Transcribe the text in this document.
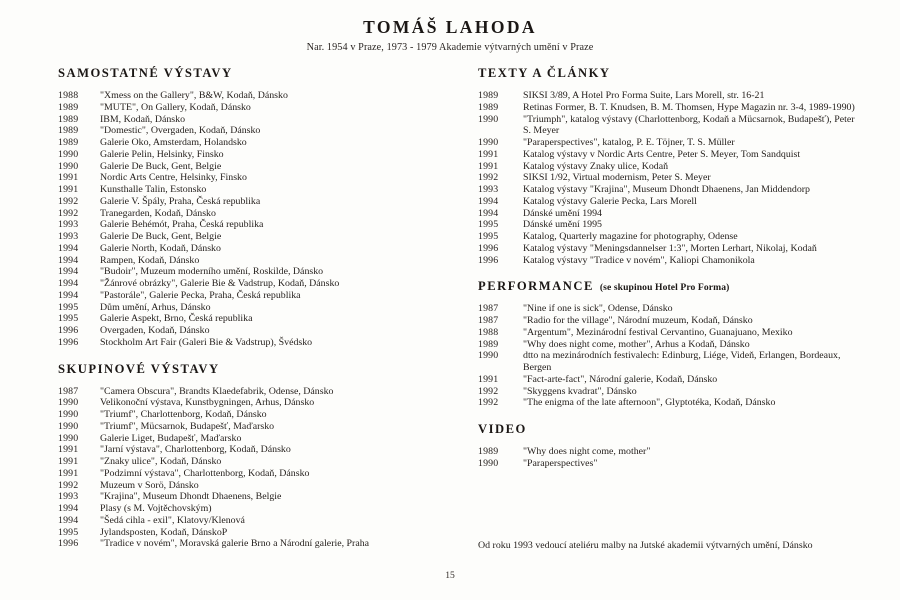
TOMÁŠ LAHODA
Nar. 1954 v Praze, 1973 - 1979 Akademie výtvarných umění v Praze
SAMOSTATNÉ VÝSTAVY
1988	"Xmess on the Gallery", B&W, Kodaň, Dánsko
1989	"MUTE", On Gallery, Kodaň, Dánsko
1989	IBM, Kodaň, Dánsko
1989	"Domestic", Overgaden, Kodaň, Dánsko
1989	Galerie Oko, Amsterdam, Holandsko
1990	Galerie Pelin, Helsinky, Finsko
1990	Galerie De Buck, Gent, Belgie
1991	Nordic Arts Centre, Helsinky, Finsko
1991	Kunsthalle Talin, Estonsko
1992	Galerie V. Špály, Praha, Česká republika
1992	Tranegarden, Kodaň, Dánsko
1993	Galerie Behémót, Praha, Česká republika
1993	Galerie De Buck, Gent, Belgie
1994	Galerie North, Kodaň, Dánsko
1994	Rampen, Kodaň, Dánsko
1994	"Budoir", Muzeum moderního umění, Roskilde, Dánsko
1994	"Žánrové obrázky", Galerie Bie & Vadstrup, Kodaň, Dánsko
1994	"Pastorále", Galerie Pecka, Praha, Česká republika
1995	Dům umění, Arhus, Dánsko
1995	Galerie Aspekt, Brno, Česká republika
1996	Overgaden, Kodaň, Dánsko
1996	Stockholm Art Fair (Galeri Bie & Vadstrup), Švédsko
SKUPINOVÉ VÝSTAVY
1987	"Camera Obscura", Brandts Klaedefabrik, Odense, Dánsko
1990	Velikonoční výstava, Kunstbygningen, Arhus, Dánsko
1990	"Triumf", Charlottenborg, Kodaň, Dánsko
1990	"Triumf", Mücsarnok, Budapešť, Maďarsko
1990	Galerie Liget, Budapešť, Maďarsko
1991	"Jarní výstava", Charlottenborg, Kodaň, Dánsko
1991	"Znaky ulice", Kodaň, Dánsko
1991	"Podzimní výstava", Charlottenborg, Kodaň, Dánsko
1992	Muzeum v Sorö, Dánsko
1993	"Krajina", Museum Dhondt Dhaenens, Belgie
1994	Plasy (s M. Vojtěchovským)
1994	"Šedá cihla - exil", Klatovy/Klenová
1995	Jylandsposten, Kodaň, DánskoP
1996	"Tradice v novém", Moravská galerie Brno a Národní galerie, Praha
TEXTY A ČLÁNKY
1989	SIKSI 3/89, A Hotel Pro Forma Suite, Lars Morell, str. 16-21
1989	Retinas Former, B. T. Knudsen, B. M. Thomsen, Hype Magazin nr. 3-4, 1989-1990)
1990	"Triumph", katalog výstavy (Charlottenborg, Kodaň a Mücsarnok, Budapešť), Peter S. Meyer
1990	"Paraperspectives", katalog, P. E. Töjner, T. S. Müller
1991	Katalog výstavy v Nordic Arts Centre, Peter S. Meyer, Tom Sandquist
1991	Katalog výstavy Znaky ulice, Kodaň
1992	SIKSI 1/92, Virtual modernism, Peter S. Meyer
1993	Katalog výstavy "Krajina", Museum Dhondt Dhaenens, Jan Middendorp
1994	Katalog výstavy Galerie Pecka, Lars Morell
1994	Dánské umění 1994
1995	Dánské umění 1995
1995	Katalog, Quarterly magazine for photography, Odense
1996	Katalog výstavy "Meningsdannelser 1:3", Morten Lerhart, Nikolaj, Kodaň
1996	Katalog výstavy "Tradice v novém", Kaliopi Chamonikola
PERFORMANCE (se skupinou Hotel Pro Forma)
1987	"Nine if one is sick", Odense, Dánsko
1987	"Radio for the village", Národní muzeum, Kodaň, Dánsko
1988	"Argentum", Mezinárodní festival Cervantino, Guanajuano, Mexiko
1989	"Why does night come, mother", Arhus a Kodaň, Dánsko
1990	dtto na mezinárodních festivalech: Edinburg, Liége, Videň, Erlangen, Bordeaux, Bergen
1991	"Fact-arte-fact", Národní galerie, Kodaň, Dánsko
1992	"Skyggens kvadrat", Dánsko
1992	"The enigma of the late afternoon", Glyptotéka, Kodaň, Dánsko
VIDEO
1989	"Why does night come, mother"
1990	"Paraperspectives"
Od roku 1993 vedoucí ateliéru malby na Jutské akademii výtvarných umění, Dánsko
15
